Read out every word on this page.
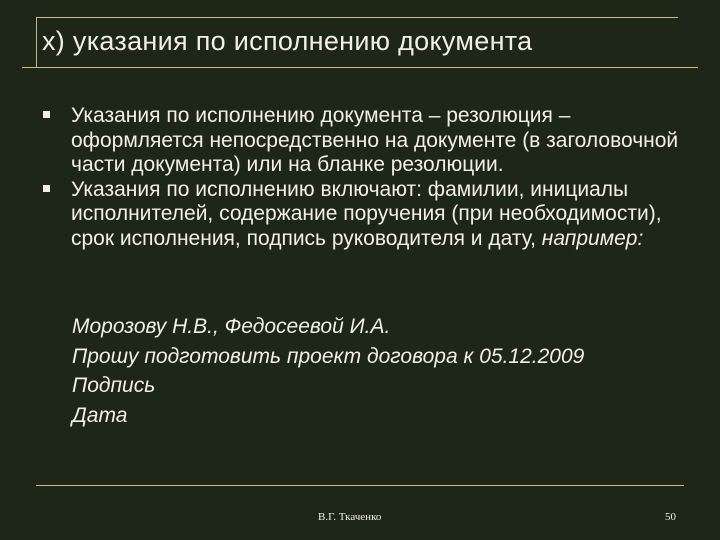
x) указания по исполнению документа
Указания по исполнению документа – резолюция – оформляется непосредственно на документе (в заголовочной части документа) или на бланке резолюции.
Указания по исполнению включают: фамилии, инициалы исполнителей, содержание поручения (при необходимости), срок исполнения, подпись руководителя и дату, например:
Морозову Н.В., Федосеевой И.А.
Прошу подготовить проект договора к 05.12.2009
Подпись
Дата
В.Г. Ткаченко	50
